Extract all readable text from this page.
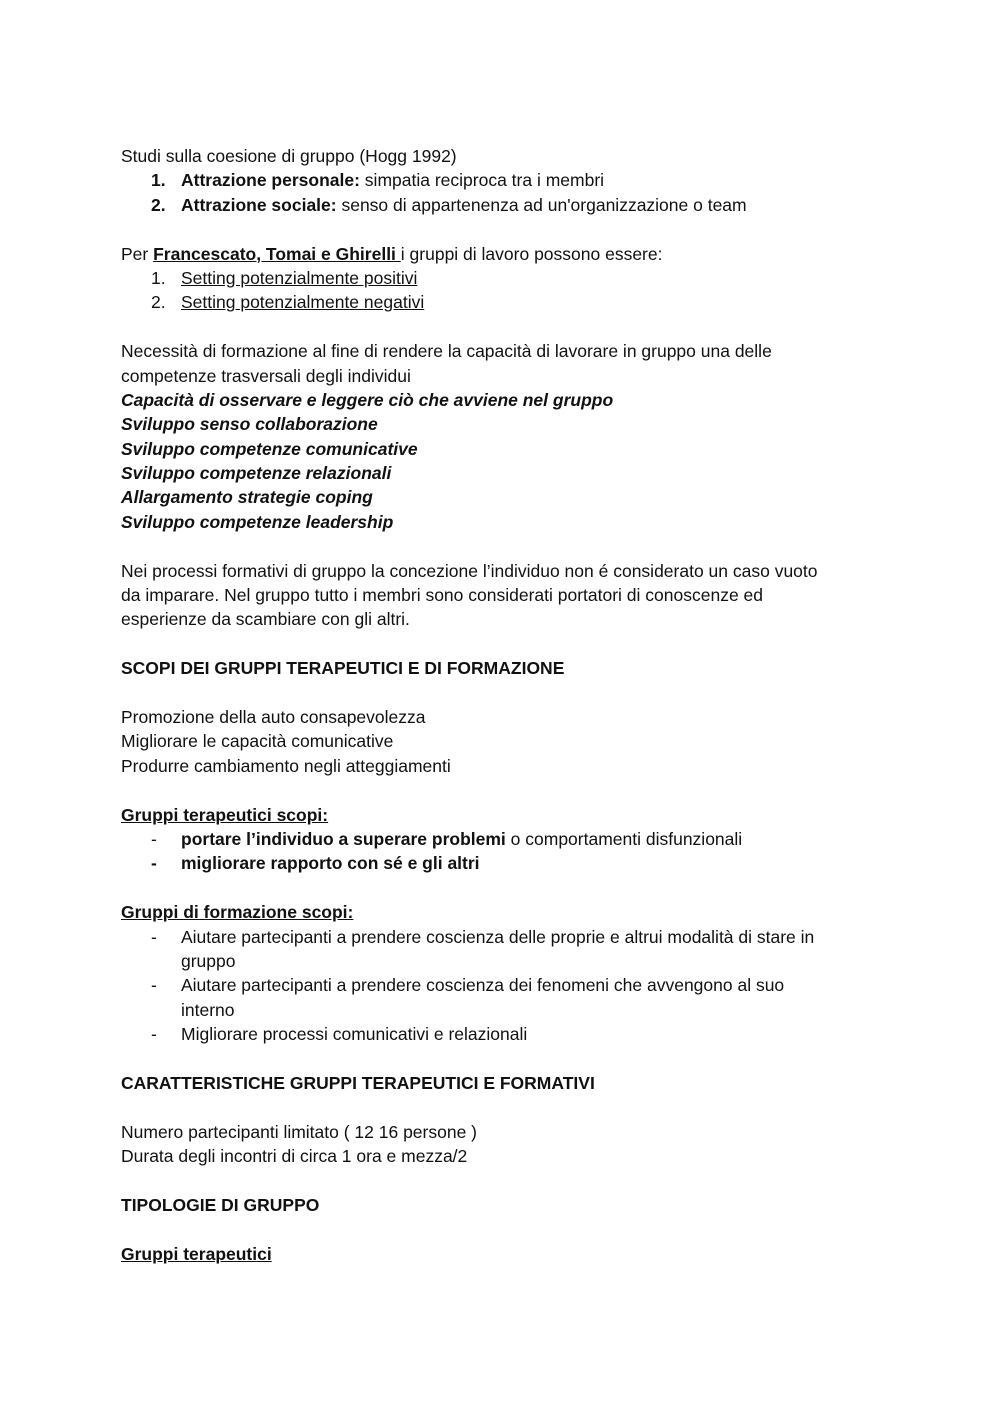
Studi sulla coesione di gruppo (Hogg 1992)
1. Attrazione personale: simpatia reciproca tra i membri
2. Attrazione sociale: senso di appartenenza ad un'organizzazione o team
Per Francescato, Tomai e Ghirelli i gruppi di lavoro possono essere:
1. Setting potenzialmente positivi
2. Setting potenzialmente negativi
Necessità di formazione al fine di rendere la capacità di lavorare in gruppo una delle
competenze trasversali degli individui
Capacità di osservare e leggere ciò che avviene nel gruppo
Sviluppo senso collaborazione
Sviluppo competenze comunicative
Sviluppo competenze relazionali
Allargamento strategie coping
Sviluppo competenze leadership
Nei processi formativi di gruppo la concezione l’individuo non é considerato un caso vuoto
da imparare. Nel gruppo tutto i membri sono considerati portatori di conoscenze ed
esperienze da scambiare con gli altri.
SCOPI DEI GRUPPI TERAPEUTICI E DI FORMAZIONE
Promozione della auto consapevolezza
Migliorare le capacità comunicative
Produrre cambiamento negli atteggiamenti
Gruppi terapeutici scopi:
- portare l’individuo a superare problemi o comportamenti disfunzionali
- migliorare rapporto con sé e gli altri
Gruppi di formazione scopi:
- Aiutare partecipanti a prendere coscienza delle proprie e altrui modalità di stare in gruppo
- Aiutare partecipanti a prendere coscienza dei fenomeni che avvengono al suo interno
- Migliorare processi comunicativi e relazionali
CARATTERISTICHE GRUPPI TERAPEUTICI E FORMATIVI
Numero partecipanti limitato ( 12 16 persone )
Durata degli incontri di circa 1 ora e mezza/2
TIPOLOGIE DI GRUPPO
Gruppi terapeutici
